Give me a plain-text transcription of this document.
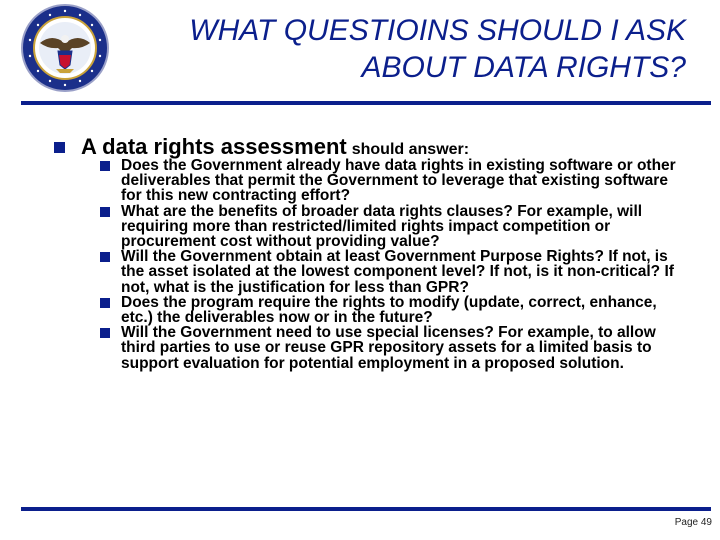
WHAT QUESTIOINS SHOULD I ASK
ABOUT DATA RIGHTS?
A data rights assessment should answer:
Does the Government already have data rights in existing software or other deliverables that permit the Government to leverage that existing software for this new contracting effort?
What are the benefits of broader data rights clauses? For example, will requiring more than restricted/limited rights impact competition or procurement cost without providing value?
Will the Government obtain at least Government Purpose Rights? If not, is the asset isolated at the lowest component level? If not, is it non-critical? If not, what is the justification for less than GPR?
Does the program require the rights to modify (update, correct, enhance, etc.) the deliverables now or in the future?
Will the Government need to use special licenses? For example, to allow third parties to use or reuse GPR repository assets for a limited basis to support evaluation for potential employment in a proposed solution.
Page 49
